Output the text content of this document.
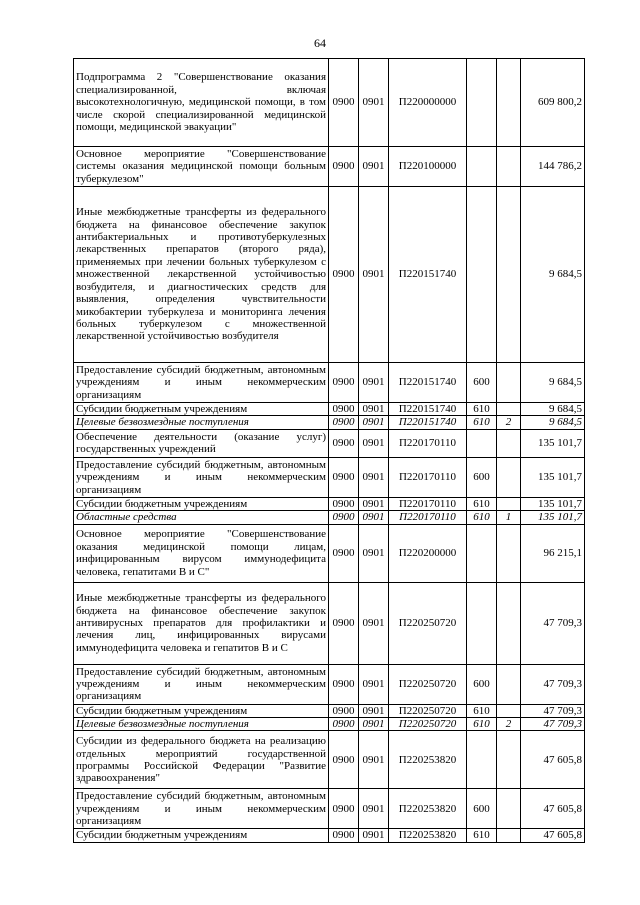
64
Подпрограмма 2 "Совершенствование оказания специализированной, включая высокотехнологичную, медицинской помощи, в том числе скорой специализированной медицинской помощи, медицинской эвакуации"	0900	0901	П220000000			609 800,2
Основное мероприятие "Совершенствование системы оказания медицинской помощи больным туберкулезом"	0900	0901	П220100000			144 786,2
Иные межбюджетные трансферты из федерального бюджета на финансовое обеспечение закупок антибактериальных и противотуберкулезных лекарственных препаратов (второго ряда), применяемых при лечении больных туберкулезом с множественной лекарственной устойчивостью возбудителя, и диагностических средств для выявления, определения чувствительности микобактерии туберкулеза и мониторинга лечения больных туберкулезом с множественной лекарственной устойчивостью возбудителя	0900	0901	П220151740			9 684,5
Предоставление субсидий бюджетным, автономным учреждениям и иным некоммерческим организациям	0900	0901	П220151740	600		9 684,5
Субсидии бюджетным учреждениям	0900	0901	П220151740	610		9 684,5
Целевые безвозмездные поступления	0900	0901	П220151740	610	2	9 684,5
Обеспечение деятельности (оказание услуг) государственных учреждений	0900	0901	П220170110			135 101,7
Предоставление субсидий бюджетным, автономным учреждениям и иным некоммерческим организациям	0900	0901	П220170110	600		135 101,7
Субсидии бюджетным учреждениям	0900	0901	П220170110	610		135 101,7
Областные средства	0900	0901	П220170110	610	1	135 101,7
Основное мероприятие "Совершенствование оказания медицинской помощи лицам, инфицированным вирусом иммунодефицита человека, гепатитами В и С"	0900	0901	П220200000			96 215,1
Иные межбюджетные трансферты из федерального бюджета на финансовое обеспечение закупок антивирусных препаратов для профилактики и лечения лиц, инфицированных вирусами иммунодефицита человека и гепатитов В и С	0900	0901	П220250720			47 709,3
Предоставление субсидий бюджетным, автономным учреждениям и иным некоммерческим организациям	0900	0901	П220250720	600		47 709,3
Субсидии бюджетным учреждениям	0900	0901	П220250720	610		47 709,3
Целевые безвозмездные поступления	0900	0901	П220250720	610	2	47 709,3
Субсидии из федерального бюджета на реализацию отдельных мероприятий государственной программы Российской Федерации "Развитие здравоохранения"	0900	0901	П220253820			47 605,8
Предоставление субсидий бюджетным, автономным учреждениям и иным некоммерческим организациям	0900	0901	П220253820	600		47 605,8
Субсидии бюджетным учреждениям	0900	0901	П220253820	610		47 605,8
